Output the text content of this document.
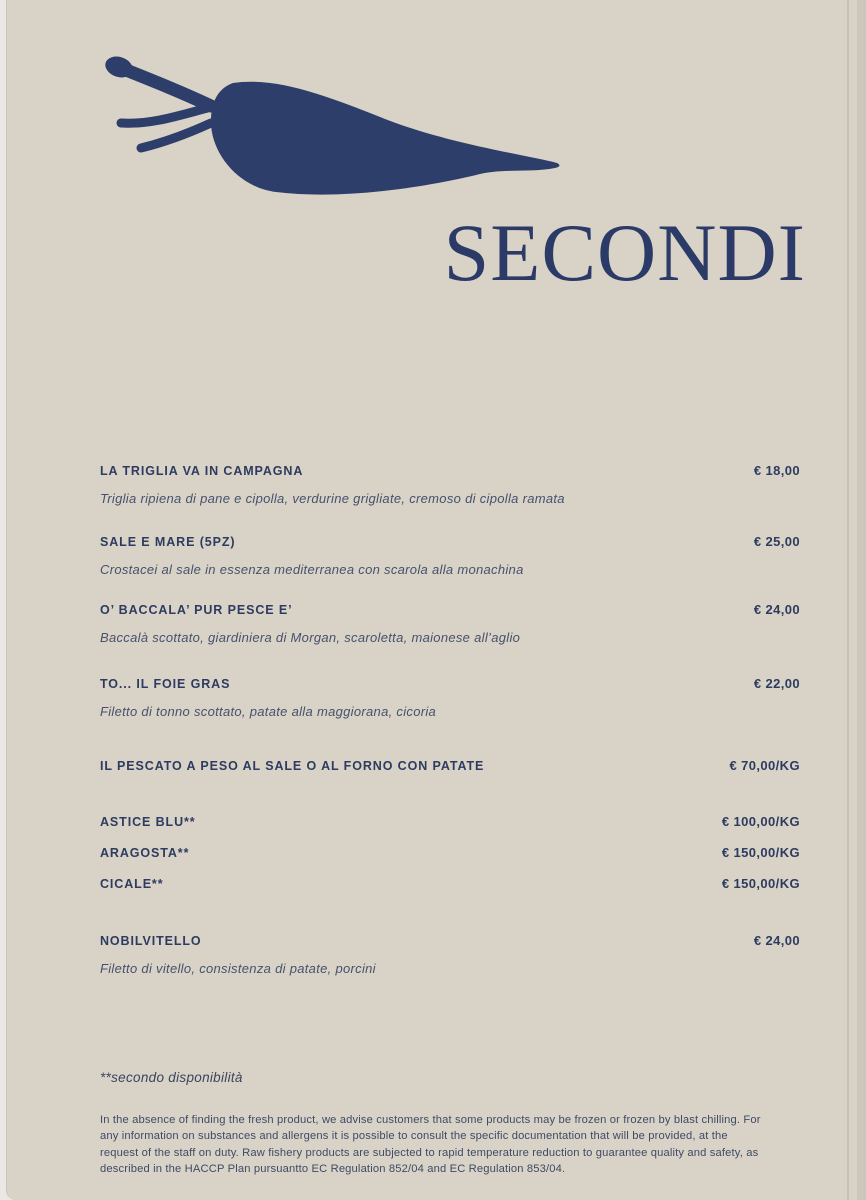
SECONDI
LA TRIGLIA VA IN CAMPAGNA	€ 18,00
Triglia ripiena di pane e cipolla, verdurine grigliate, cremoso di cipolla ramata
SALE E MARE (5PZ)	€ 25,00
Crostacei al sale in essenza mediterranea con scarola alla monachina
O’ BACCALA’ PUR PESCE E’	€ 24,00
Baccalà scottato, giardiniera di Morgan, scaroletta, maionese all’aglio
TO... IL FOIE GRAS	€ 22,00
Filetto di tonno scottato, patate alla maggiorana, cicoria
IL PESCATO A PESO AL SALE O AL FORNO CON PATATE	€ 70,00/KG
ASTICE BLU**	€ 100,00/KG
ARAGOSTA**	€ 150,00/KG
CICALE**	€ 150,00/KG
NOBILVITELLO	€ 24,00
Filetto di vitello, consistenza di patate, porcini
**secondo disponibilità
In the absence of finding the fresh product, we advise customers that some products may be frozen or frozen by blast chilling. For any information on substances and allergens it is possible to consult the specific documentation that will be provided, at the request of the staff on duty. Raw fishery products are subjected to rapid temperature reduction to guarantee quality and safety, as described in the HACCP Plan pursuantto EC Regulation 852/04 and EC Regulation 853/04.
